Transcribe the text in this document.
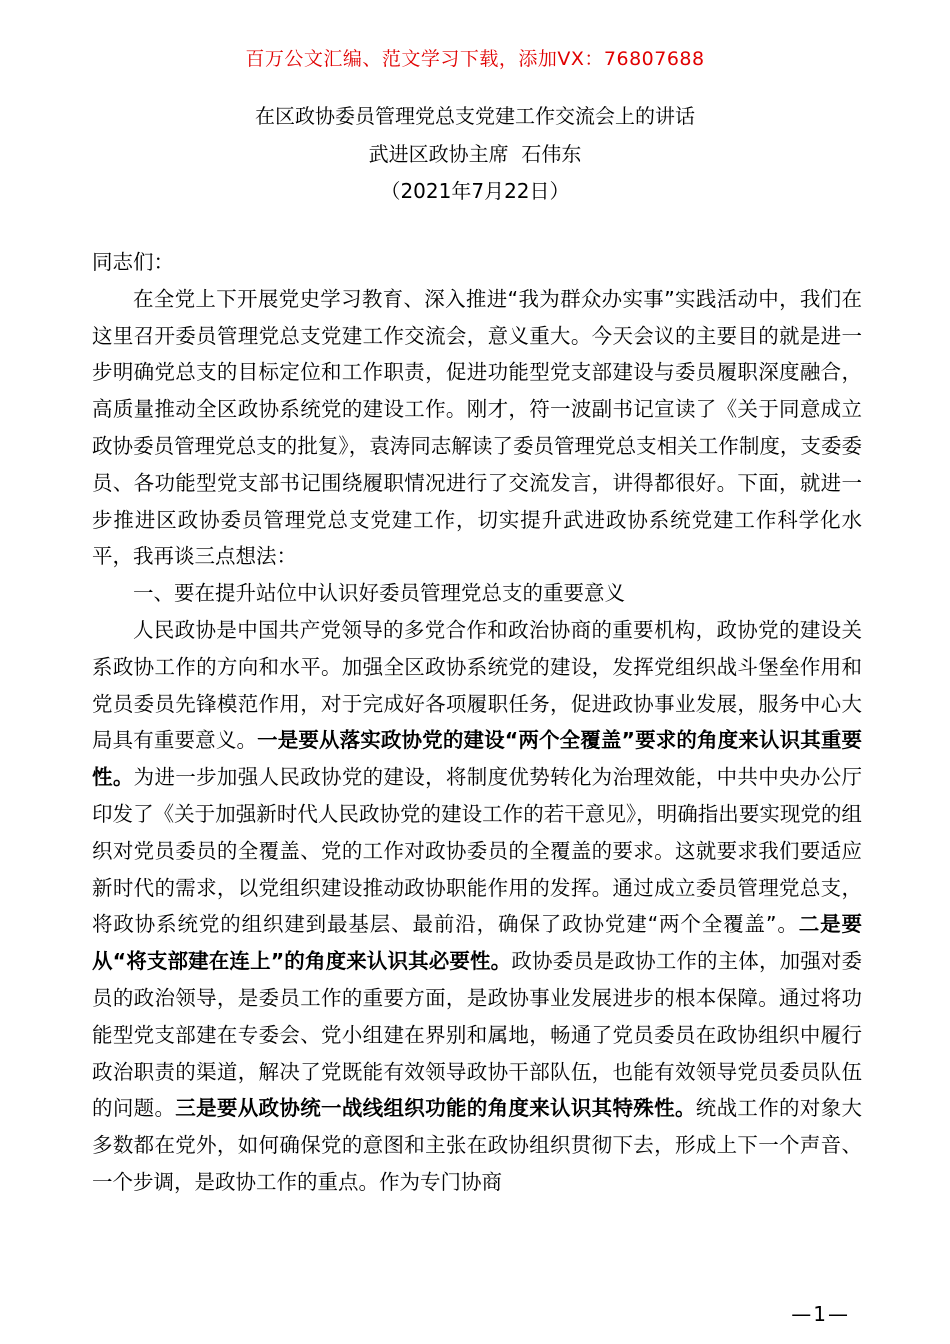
百万公文汇编、范文学习下载，添加VX：76807688
在区政协委员管理党总支党建工作交流会上的讲话
武进区政协主席  石伟东
（2021年7月22日）

同志们：

在全党上下开展党史学习教育、深入推进“我为群众办实事”实践活动中，我们在这里召开委员管理党总支党建工作交流会，意义重大。今天会议的主要目的就是进一步明确党总支的目标定位和工作职责，促进功能型党支部建设与委员履职深度融合，高质量推动全区政协系统党的建设工作。刚才，符一波副书记宣读了《关于同意成立政协委员管理党总支的批复》，袁涛同志解读了委员管理党总支相关工作制度，支委委员、各功能型党支部书记围绕履职情况进行了交流发言，讲得都很好。下面，就进一步推进区政协委员管理党总支党建工作，切实提升武进政协系统党建工作科学化水平，我再谈三点想法：

一、要在提升站位中认识好委员管理党总支的重要意义

人民政协是中国共产党领导的多党合作和政治协商的重要机构，政协党的建设关系政协工作的方向和水平。加强全区政协系统党的建设，发挥党组织战斗堡垒作用和党员委员先锋模范作用，对于完成好各项履职任务，促进政协事业发展，服务中心大局具有重要意义。一是要从落实政协党的建设“两个全覆盖”要求的角度来认识其重要性。为进一步加强人民政协党的建设，将制度优势转化为治理效能，中共中央办公厅印发了《关于加强新时代人民政协党的建设工作的若干意见》，明确指出要实现党的组织对党员委员的全覆盖、党的工作对政协委员的全覆盖的要求。这就要求我们要适应新时代的需求，以党组织建设推动政协职能作用的发挥。通过成立委员管理党总支，将政协系统党的组织建到最基层、最前沿，确保了政协党建“两个全覆盖”。二是要从“将支部建在连上”的角度来认识其必要性。政协委员是政协工作的主体，加强对委员的政治领导，是委员工作的重要方面，是政协事业发展进步的根本保障。通过将功能型党支部建在专委会、党小组建在界别和属地，畅通了党员委员在政协组织中履行政治职责的渠道，解决了党既能有效领导政协干部队伍，也能有效领导党员委员队伍的问题。三是要从政协统一战线组织功能的角度来认识其特殊性。统战工作的对象大多数都在党外，如何确保党的意图和主张在政协组织贯彻下去，形成上下一个声音、一个步调，是政协工作的重点。作为专门协商

—1—
